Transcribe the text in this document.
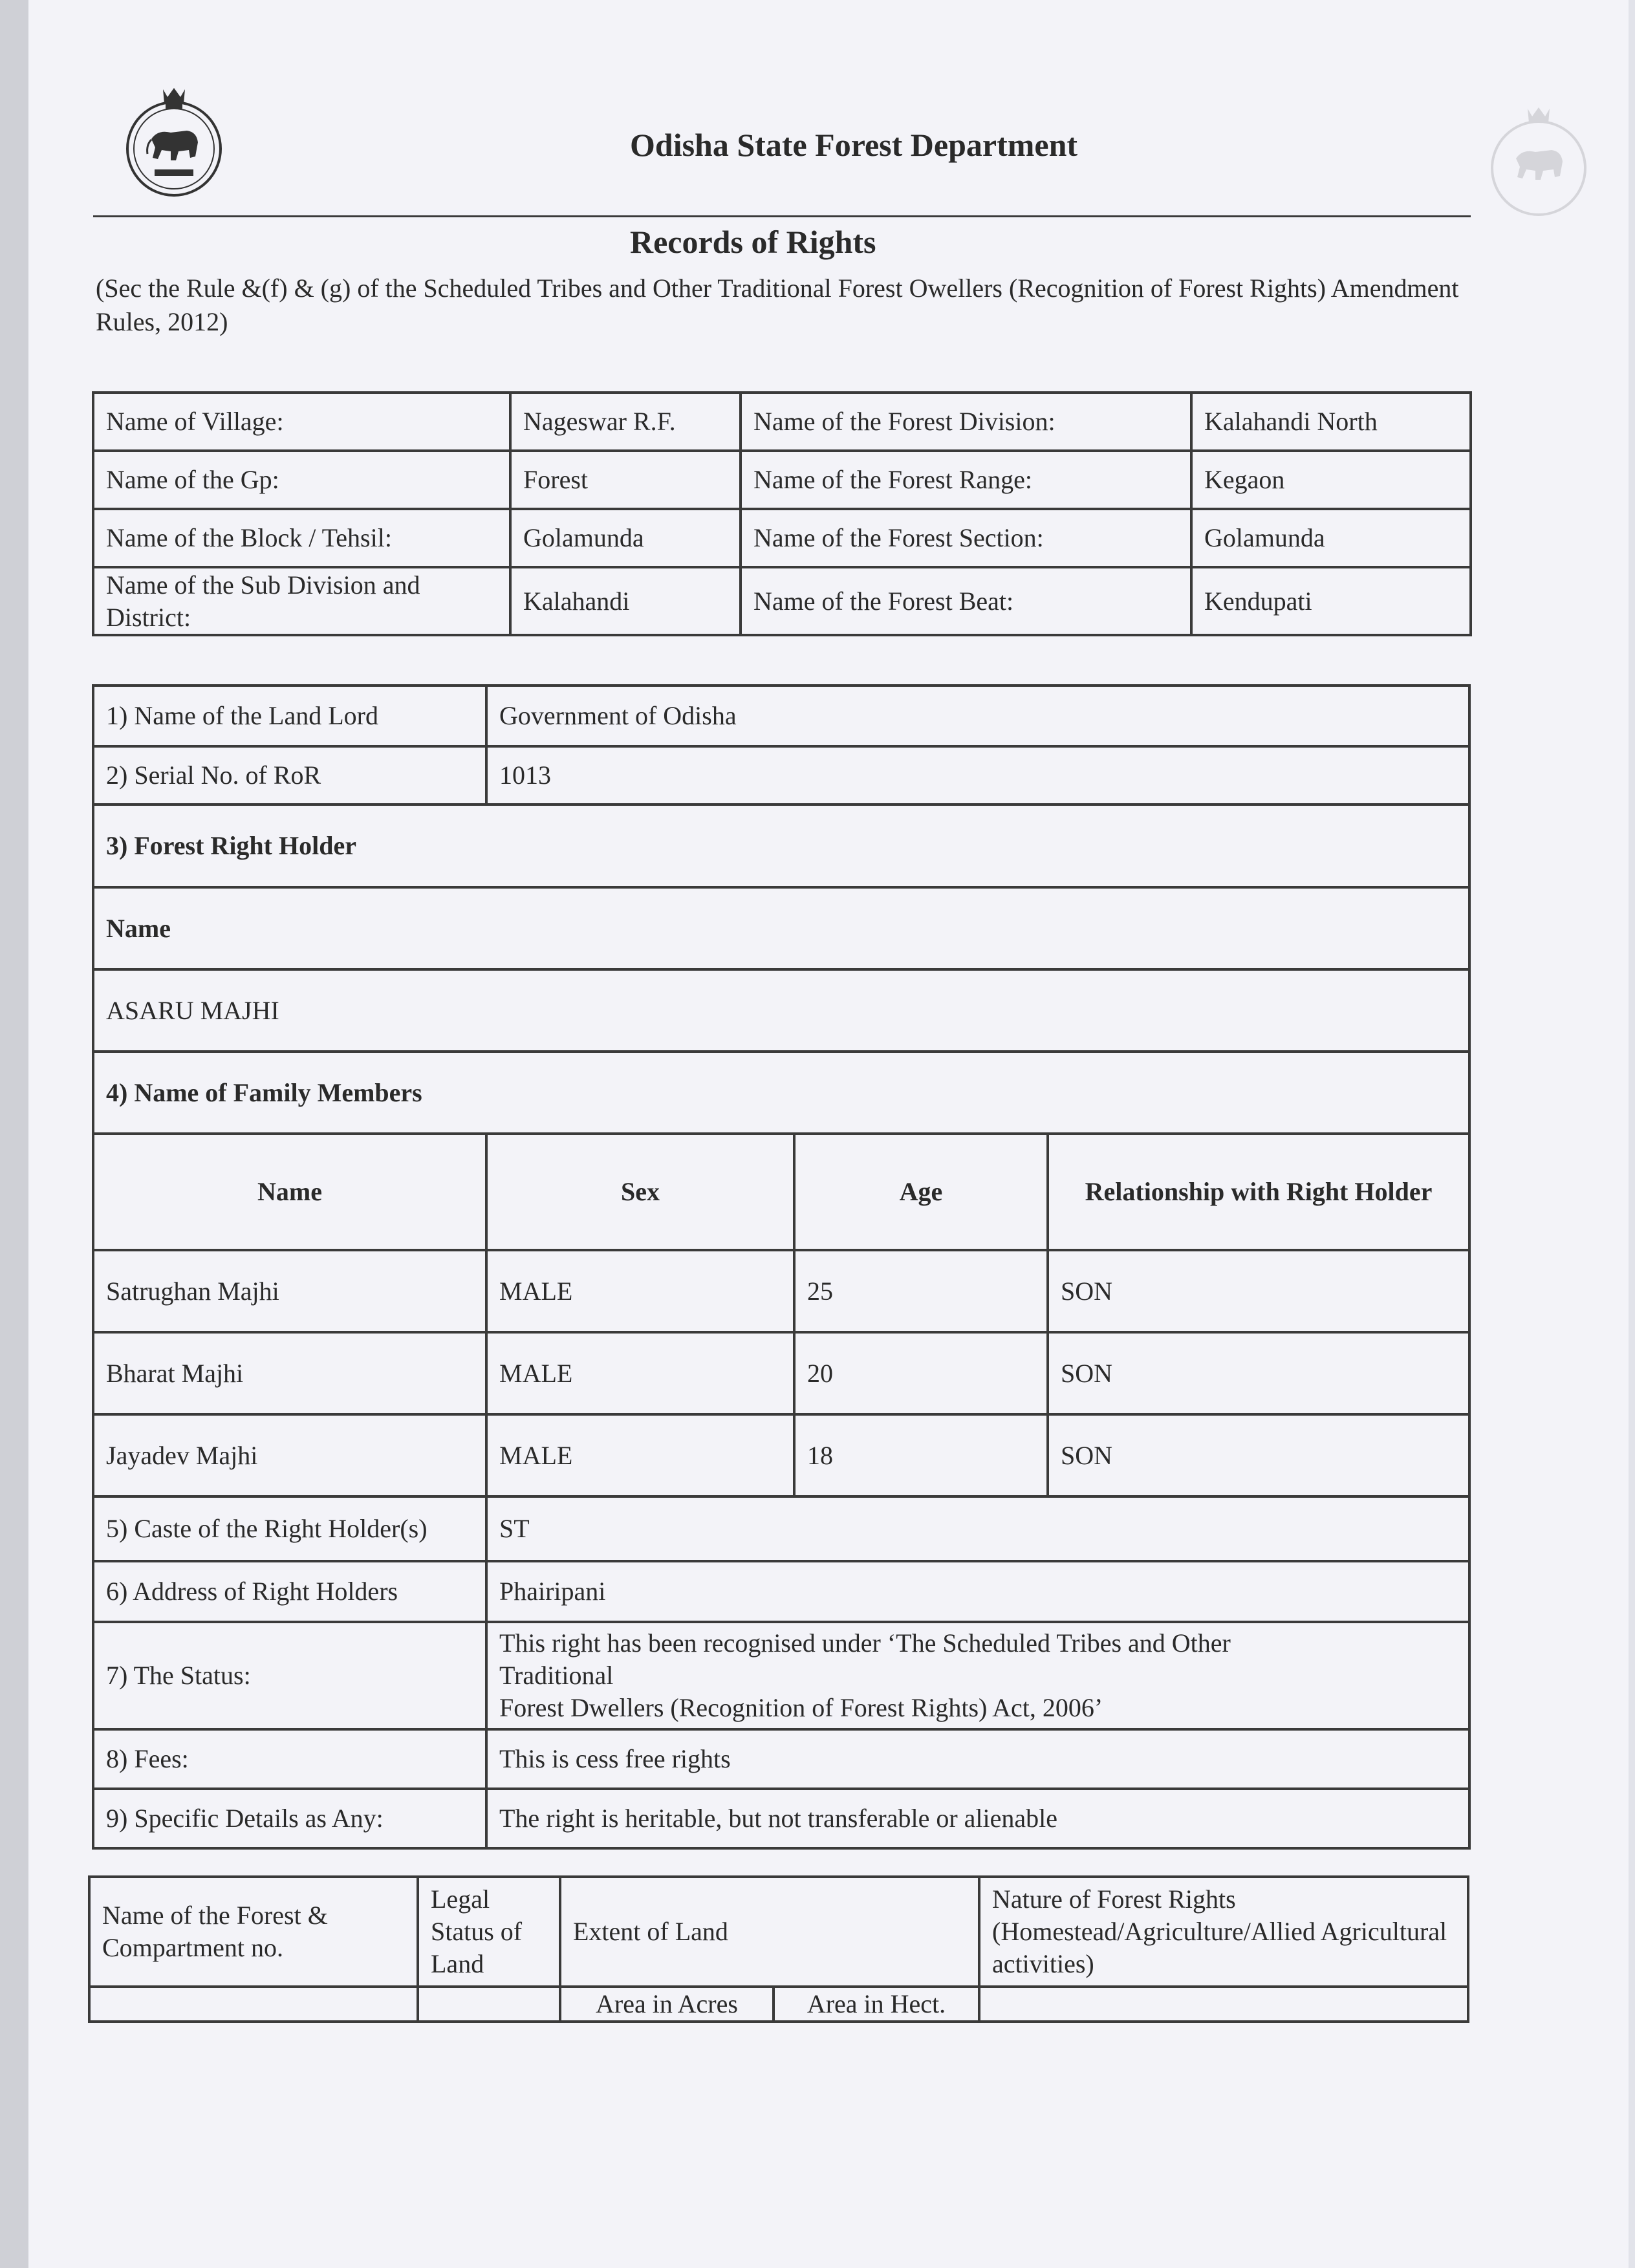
Odisha State Forest Department
Records of Rights
(Sec the Rule &(f) & (g) of the Scheduled Tribes and Other Traditional Forest Owellers (Recognition of Forest Rights) Amendment Rules, 2012)
Name of Village:	Nageswar R.F.	Name of the Forest Division:	Kalahandi North
Name of the Gp:	Forest	Name of the Forest Range:	Kegaon
Name of the Block / Tehsil:	Golamunda	Name of the Forest Section:	Golamunda
Name of the Sub Division and District:	Kalahandi	Name of the Forest Beat:	Kendupati
1) Name of the Land Lord	Government of Odisha		
2) Serial No. of RoR	1013		
3) Forest Right Holder			
Name			
ASARU MAJHI			
4) Name of Family Members			
Name	Sex	Age	Relationship with Right Holder
Satrughan Majhi	MALE	25	SON
Bharat Majhi	MALE	20	SON
Jayadev Majhi	MALE	18	SON
5) Caste of the Right Holder(s)	ST		
6) Address of Right Holders	Phairipani		
7) The Status:	This right has been recognised under ‘The Scheduled Tribes and Other
Traditional
Forest Dwellers (Recognition of Forest Rights) Act, 2006’		

8) Fees:	This is cess free rights		
9) Specific Details as Any:	The right is heritable, but not transferable or alienable		
Name of the Forest & Compartment no.	Legal Status of Land	Extent of Land		Nature of Forest Rights (Homestead/Agriculture/Allied Agricultural activities)
		Area in Acres	Area in Hect.	
